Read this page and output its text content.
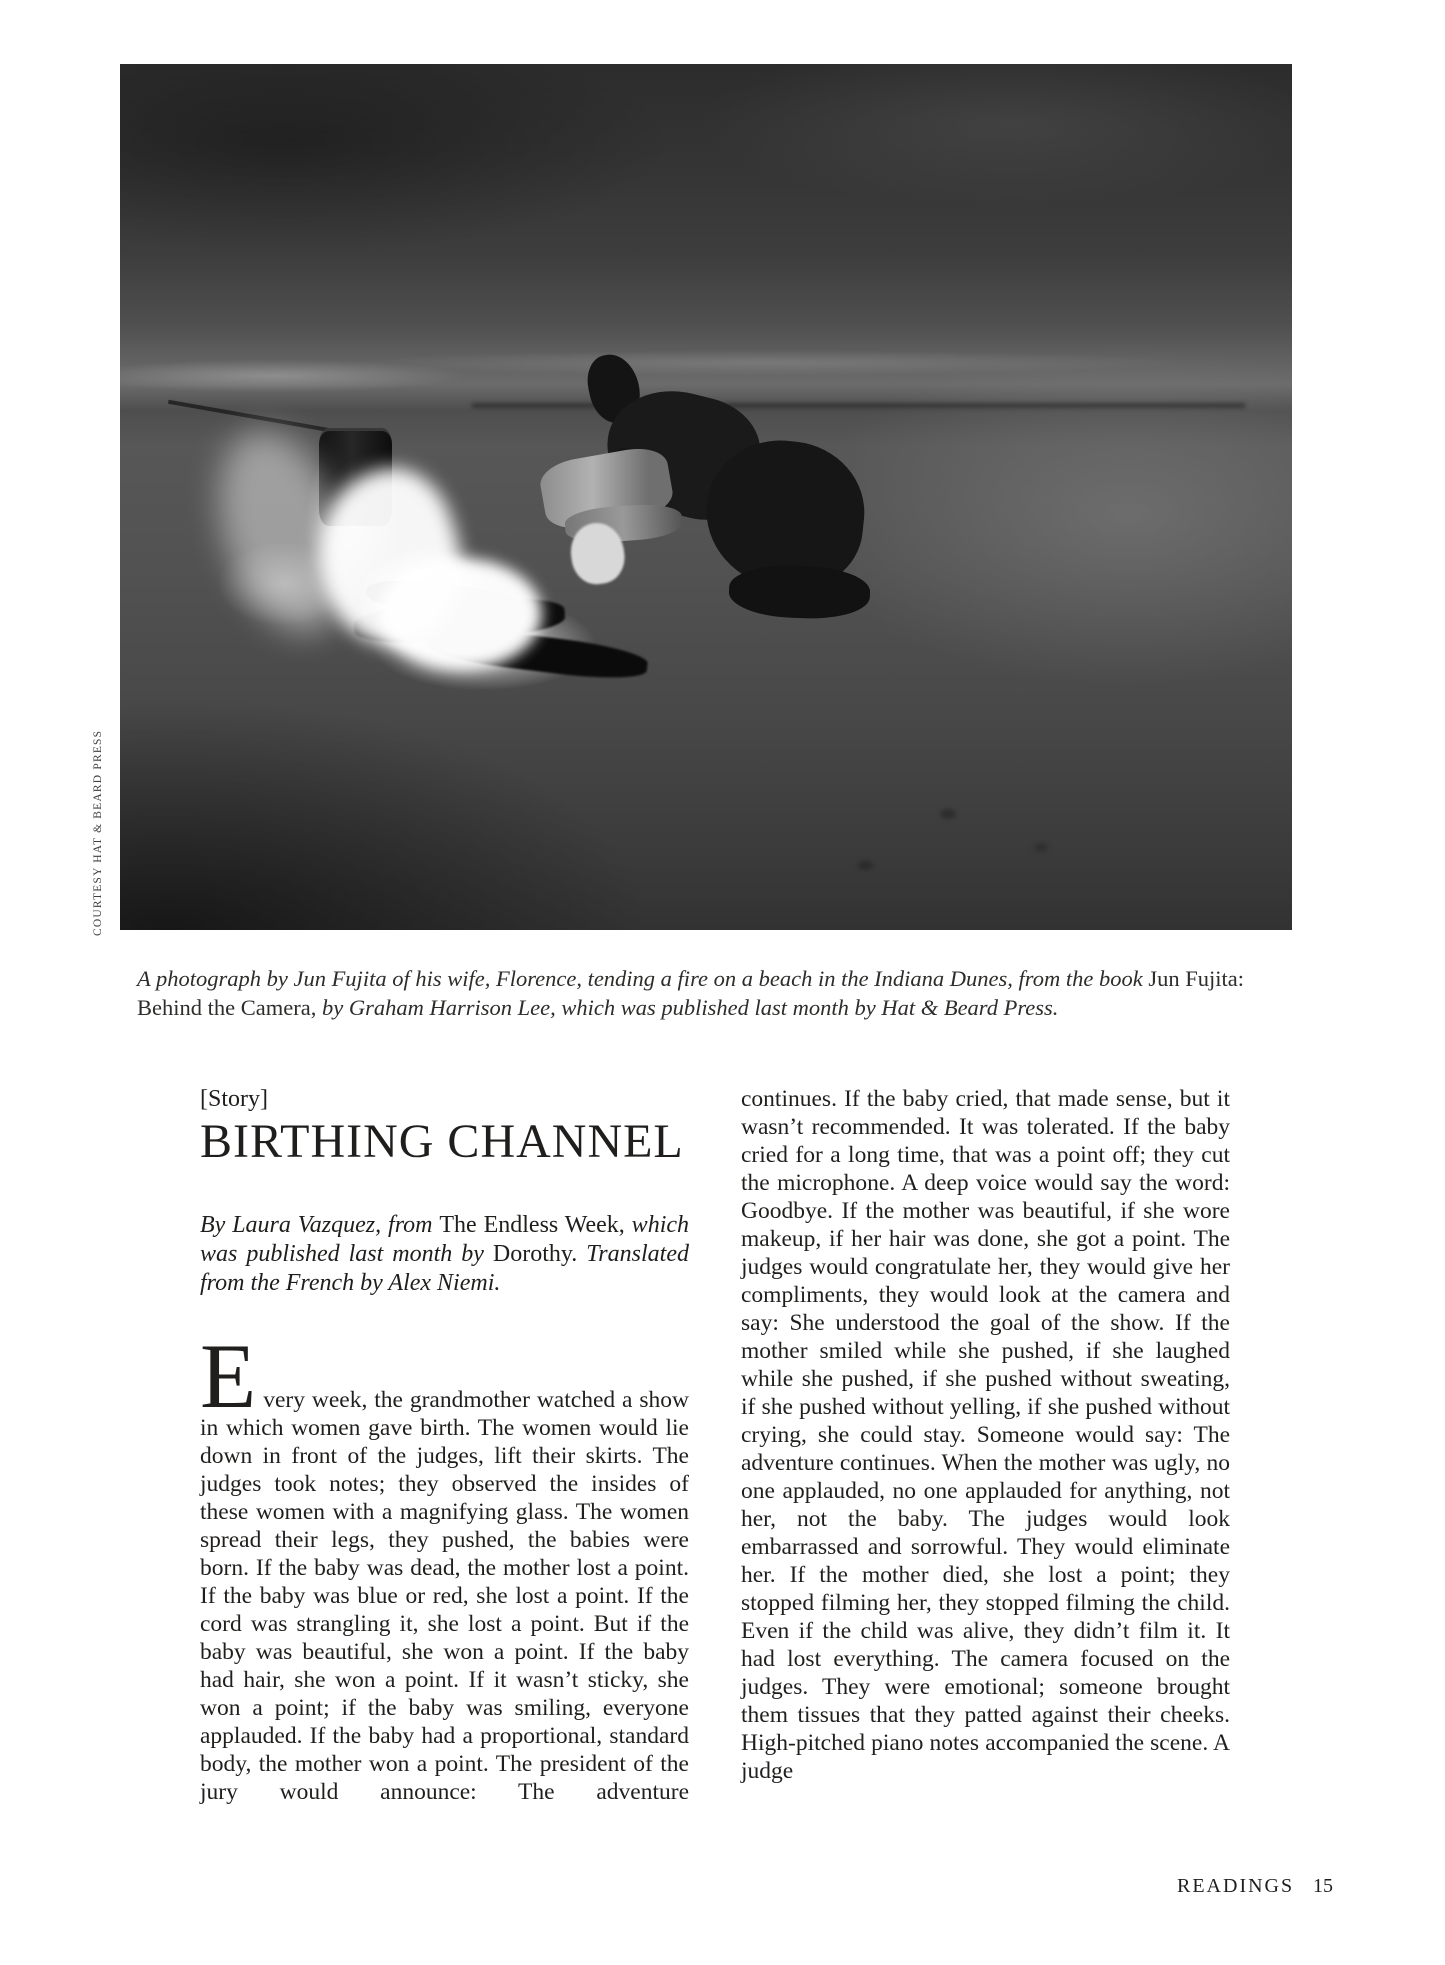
COURTESY HAT & BEARD PRESS

A photograph by Jun Fujita of his wife, Florence, tending a fire on a beach in the Indiana Dunes, from the book Jun Fujita: Behind the Camera, by Graham Harrison Lee, which was published last month by Hat & Beard Press.

[Story]
BIRTHING CHANNEL

By Laura Vazquez, from The Endless Week, which was published last month by Dorothy. Translated from the French by Alex Niemi.

Every week, the grandmother watched a show in which women gave birth. The women would lie down in front of the judges, lift their skirts. The judges took notes; they observed the insides of these women with a magnifying glass. The women spread their legs, they pushed, the babies were born. If the baby was dead, the mother lost a point. If the baby was blue or red, she lost a point. If the cord was strangling it, she lost a point. But if the baby was beautiful, she won a point. If the baby had hair, she won a point. If it wasn’t sticky, she won a point; if the baby was smiling, everyone applauded. If the baby had a proportional, standard body, the mother won a point. The president of the jury would announce: The adventure

continues. If the baby cried, that made sense, but it wasn’t recommended. It was tolerated. If the baby cried for a long time, that was a point off; they cut the microphone. A deep voice would say the word: Goodbye. If the mother was beautiful, if she wore makeup, if her hair was done, she got a point. The judges would congratulate her, they would give her compliments, they would look at the camera and say: She understood the goal of the show. If the mother smiled while she pushed, if she laughed while she pushed, if she pushed without sweating, if she pushed without yelling, if she pushed without crying, she could stay. Someone would say: The adventure continues. When the mother was ugly, no one applauded, no one applauded for anything, not her, not the baby. The judges would look embarrassed and sorrowful. They would eliminate her. If the mother died, she lost a point; they stopped filming her, they stopped filming the child. Even if the child was alive, they didn’t film it. It had lost everything. The camera focused on the judges. They were emotional; someone brought them tissues that they patted against their cheeks. High-pitched piano notes accompanied the scene. A judge

READINGS 15
